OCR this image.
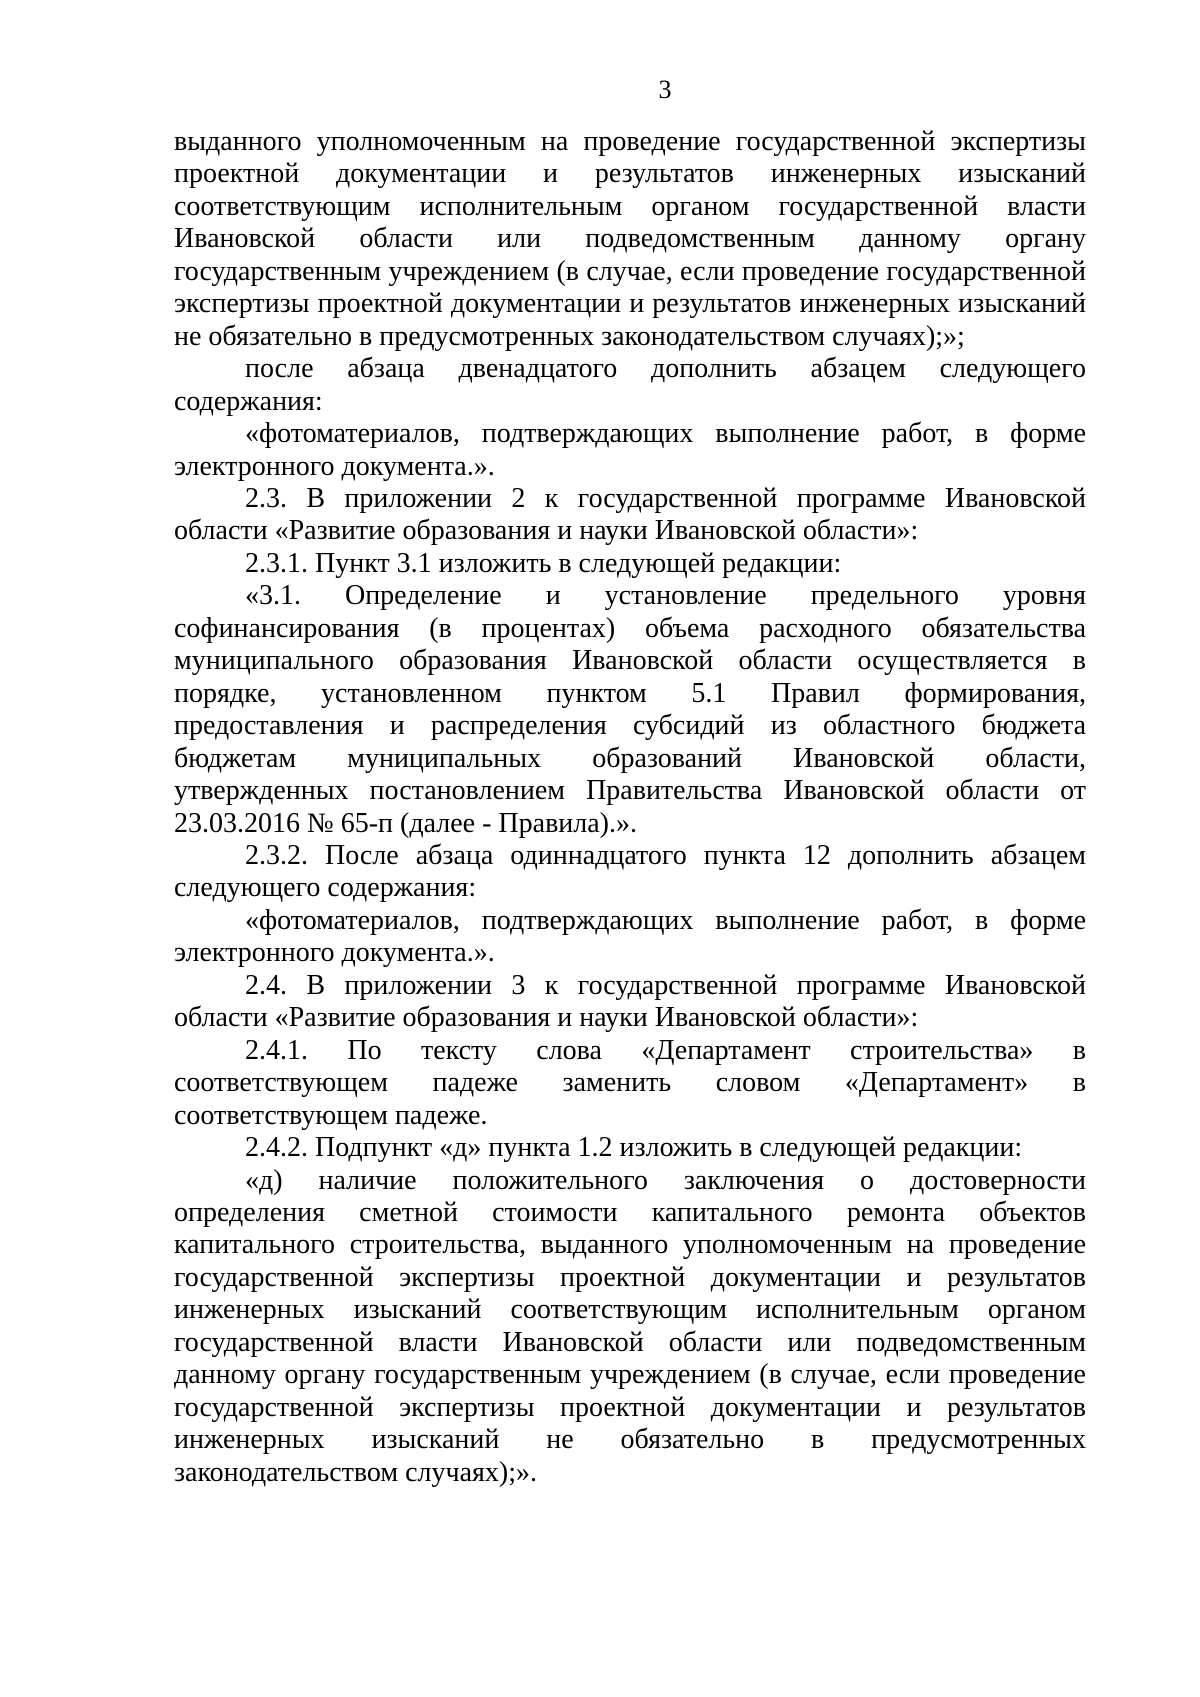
3

выданного уполномоченным на проведение государственной экспертизы проектной документации и результатов инженерных изысканий соответствующим исполнительным органом государственной власти Ивановской области или подведомственным данному органу государственным учреждением (в случае, если проведение государственной экспертизы проектной документации и результатов инженерных изысканий не обязательно в предусмотренных законодательством случаях);»;

после абзаца двенадцатого дополнить абзацем следующего содержания:

«фотоматериалов, подтверждающих выполнение работ, в форме электронного документа.».

2.3. В приложении 2 к государственной программе Ивановской области «Развитие образования и науки Ивановской области»:

2.3.1. Пункт 3.1 изложить в следующей редакции:

«3.1. Определение и установление предельного уровня софинансирования (в процентах) объема расходного обязательства муниципального образования Ивановской области осуществляется в порядке, установленном пунктом 5.1 Правил формирования, предоставления и распределения субсидий из областного бюджета бюджетам муниципальных образований Ивановской области, утвержденных постановлением Правительства Ивановской области от 23.03.2016 № 65-п (далее - Правила).».

2.3.2. После абзаца одиннадцатого пункта 12 дополнить абзацем следующего содержания:

«фотоматериалов, подтверждающих выполнение работ, в форме электронного документа.».

2.4. В приложении 3 к государственной программе Ивановской области «Развитие образования и науки Ивановской области»:

2.4.1. По тексту слова «Департамент строительства» в соответствующем падеже заменить словом «Департамент» в соответствующем падеже.

2.4.2. Подпункт «д» пункта 1.2 изложить в следующей редакции:

«д) наличие положительного заключения о достоверности определения сметной стоимости капитального ремонта объектов капитального строительства, выданного уполномоченным на проведение государственной экспертизы проектной документации и результатов инженерных изысканий соответствующим исполнительным органом государственной власти Ивановской области или подведомственным данному органу государственным учреждением (в случае, если проведение государственной экспертизы проектной документации и результатов инженерных изысканий не обязательно в предусмотренных законодательством случаях);».
